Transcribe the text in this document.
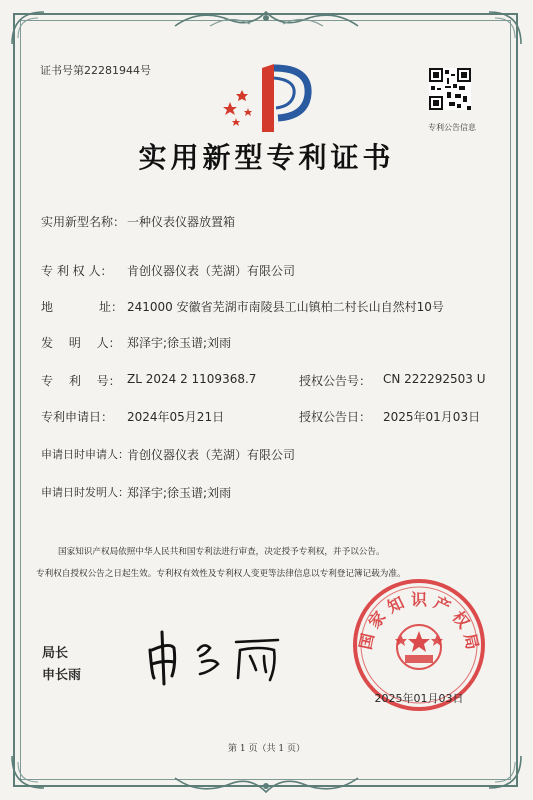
证书号第22281944号
专利公告信息
实用新型专利证书
实用新型名称： 一种仪表仪器放置箱
专 利 权 人： 肯创仪器仪表（芜湖）有限公司
地	址： 241000 安徽省芜湖市南陵县工山镇柏二村长山自然村10号
发　 明　 人： 郑泽宇;徐玉谱;刘雨
专　 利　 号： ZL 2024 2 1109368.7	授权公告号： CN 222292503 U
专利申请日： 2024年05月21日	授权公告日： 2025年01月03日
申请日时申请人：
肯创仪器仪表（芜湖）有限公司
申请日时发明人：
郑泽宇;徐玉谱;刘雨
国家知识产权局依照中华人民共和国专利法进行审查，决定授予专利权，并予以公告。
专利权自授权公告之日起生效。专利权有效性及专利权人变更等法律信息以专利登记簿记载为准。
局长
申长雨
国 家 知 识 产 权 局
2025年01月03日
第 1 页（共 1 页）
